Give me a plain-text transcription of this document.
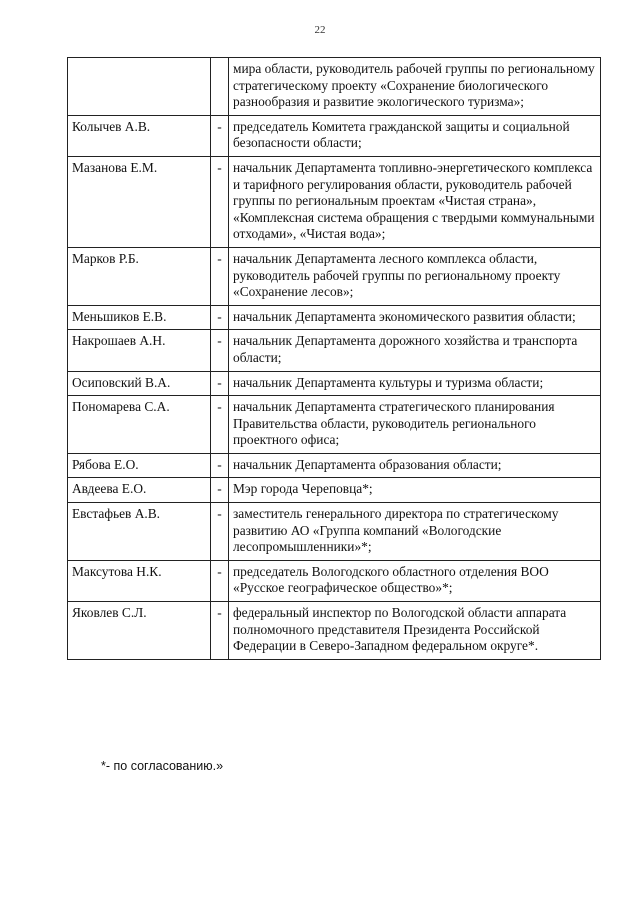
22
		мира области, руководитель рабочей группы по региональному стратегическому проекту «Сохранение биологического разнообразия и развитие экологического туризма»;
Колычев А.В.	-	председатель Комитета гражданской защиты и социальной безопасности области;
Мазанова Е.М.	-	начальник Департамента топливно-энергетического комплекса и тарифного регулирования области, руководитель рабочей группы по региональным проектам «Чистая страна», «Комплексная система обращения с твердыми коммунальными отходами», «Чистая вода»;
Марков Р.Б.	-	начальник Департамента лесного комплекса области, руководитель рабочей группы по региональному проекту «Сохранение лесов»;
Меньшиков Е.В.	-	начальник Департамента экономического развития области;
Накрошаев А.Н.	-	начальник Департамента дорожного хозяйства и транспорта области;
Осиповский В.А.	-	начальник Департамента культуры и туризма области;
Пономарева С.А.	-	начальник Департамента стратегического планирования Правительства области, руководитель регионального проектного офиса;
Рябова Е.О.	-	начальник Департамента образования области;
Авдеева Е.О.	-	Мэр города Череповца*;
Евстафьев А.В.	-	заместитель генерального директора по стратегическому развитию АО «Группа компаний «Вологодские лесопромышленники»*;
Максутова Н.К.	-	председатель Вологодского областного отделения ВОО «Русское географическое общество»*;
Яковлев С.Л.	-	федеральный инспектор по Вологодской области аппарата полномочного представителя Президента Российской Федерации в Северо-Западном федеральном округе*.
*- по согласованию.»
